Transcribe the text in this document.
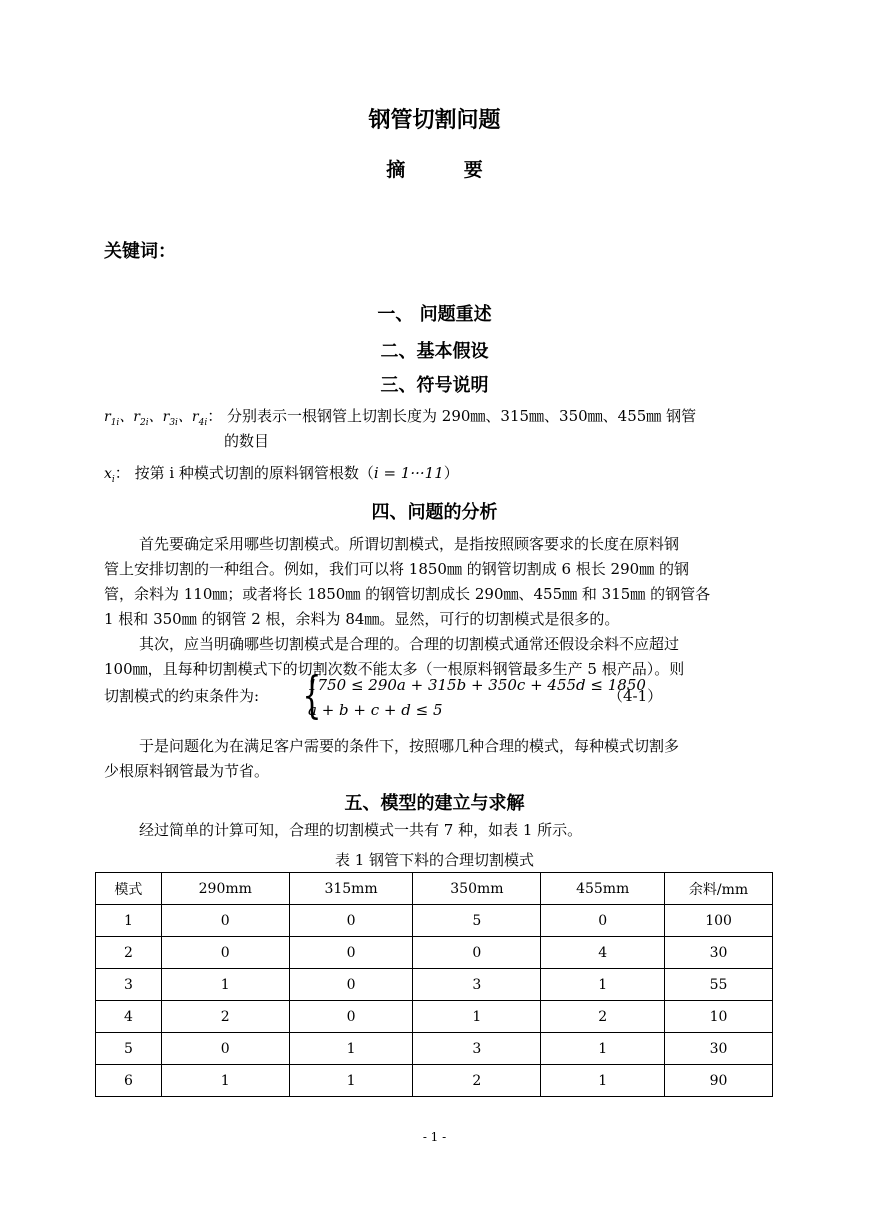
钢管切割问题
摘 要
关键词：
一、 问题重述
二、基本假设
三、符号说明
$r_{1i}$、$r_{2i}$、$r_{3i}$、$r_{4i}$： 分别表示一根钢管上切割长度为 290㎜、315㎜、350㎜、455㎜ 钢管
的数目
$x_i$： 按第 i 种模式切割的原料钢管根数（i = 1···11）
四、问题的分析
首先要确定采用哪些切割模式。所谓切割模式，是指按照顾客要求的长度在原料钢
管上安排切割的一种组合。例如，我们可以将 1850㎜ 的钢管切割成 6 根长 290㎜ 的钢
管，余料为 110㎜；或者将长 1850㎜ 的钢管切割成长 290㎜、455㎜ 和 315㎜ 的钢管各
1 根和 350㎜ 的钢管 2 根，余料为 84㎜。显然，可行的切割模式是很多的。
其次，应当明确哪些切割模式是合理的。合理的切割模式通常还假设余料不应超过
100㎜，且每种切割模式下的切割次数不能太多（一根原料钢管最多生产 5 根产品）。则
切割模式的约束条件为: {
1750 ≤ 290a + 315b + 350c + 455d ≤ 1850
a + b + c + d ≤ 5
（4-1）
于是问题化为在满足客户需要的条件下，按照哪几种合理的模式，每种模式切割多
少根原料钢管最为节省。
五、模型的建立与求解
经过简单的计算可知，合理的切割模式一共有 7 种，如表 1 所示。
表 1 钢管下料的合理切割模式
模式	290mm	315mm	350mm	455mm	余料/mm
1	0	0	5	0	100
2	0	0	0	4	30
3	1	0	3	1	55
4	2	0	1	2	10
5	0	1	3	1	30
6	1	1	2	1	90
- 1 -
